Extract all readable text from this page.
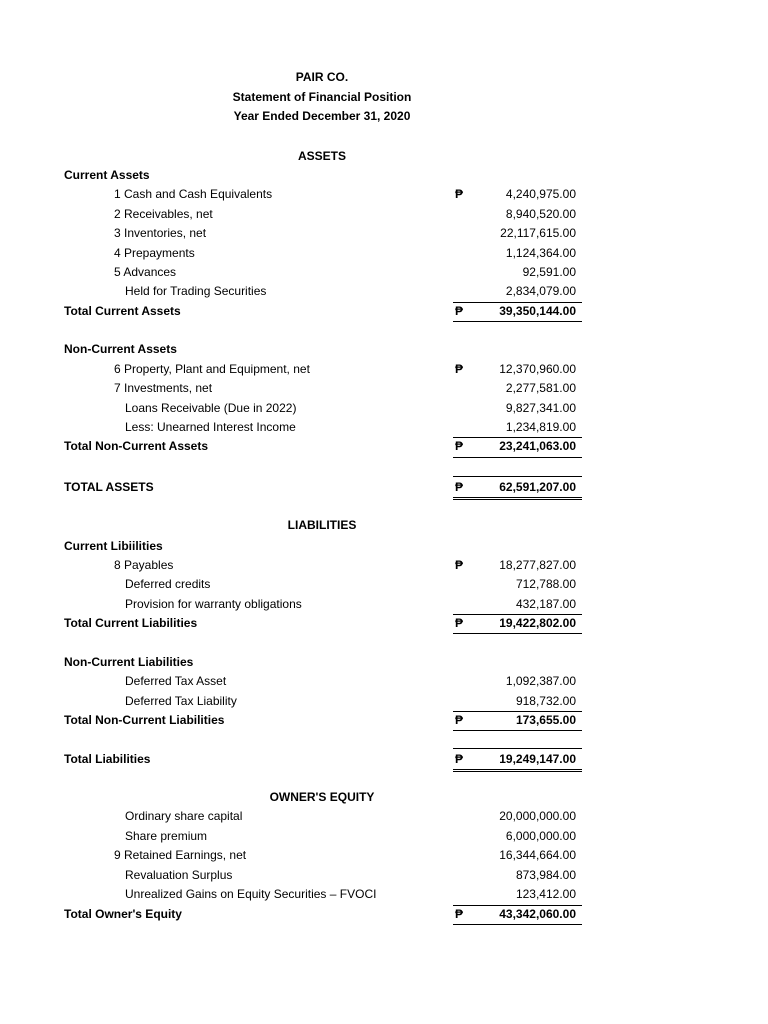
PAIR CO.
Statement of Financial Position
Year Ended December 31, 2020
ASSETS
Current Assets
1 Cash and Cash Equivalents	₱	4,240,975.00
2 Receivables, net	8,940,520.00
3 Inventories, net	22,117,615.00
4 Prepayments	1,124,364.00
5 Advances	92,591.00
Held for Trading Securities	2,834,079.00
Total Current Assets	₱	39,350,144.00
Non-Current Assets
6 Property, Plant and Equipment, net	₱	12,370,960.00
7 Investments, net	2,277,581.00
Loans Receivable (Due in 2022)	9,827,341.00
Less: Unearned Interest Income	1,234,819.00
Total Non-Current Assets	₱	23,241,063.00
TOTAL ASSETS	₱	62,591,207.00
LIABILITIES
Current Libiilities
8 Payables	₱	18,277,827.00
Deferred credits	712,788.00
Provision for warranty obligations	432,187.00
Total Current Liabilities	₱	19,422,802.00
Non-Current Liabilities
Deferred Tax Asset	1,092,387.00
Deferred Tax Liability	918,732.00
Total Non-Current Liabilities	₱	173,655.00
Total Liabilities	₱	19,249,147.00
OWNER'S EQUITY
Ordinary share capital	20,000,000.00
Share premium	6,000,000.00
9 Retained Earnings, net	16,344,664.00
Revaluation Surplus	873,984.00
Unrealized Gains on Equity Securities – FVOCI	123,412.00
Total Owner's Equity	₱	43,342,060.00
